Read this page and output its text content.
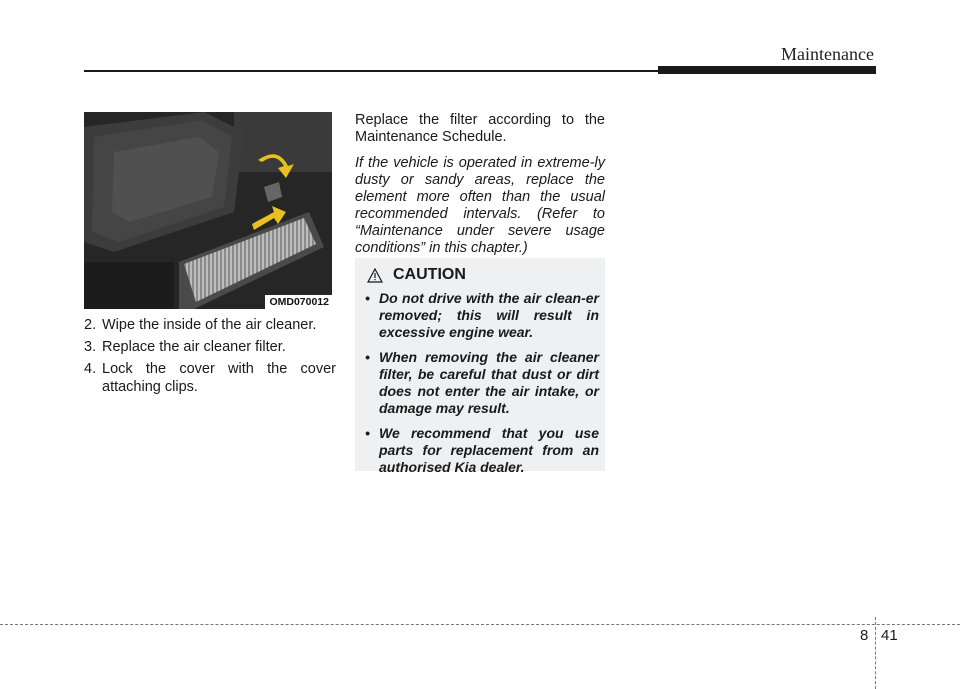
Maintenance
OMD070012
2. Wipe the inside of the air cleaner.
3. Replace the air cleaner filter.
4. Lock the cover with the cover attaching clips.

Replace the filter according to the Maintenance Schedule.

If the vehicle is operated in extreme-ly dusty or sandy areas, replace the element more often than the usual recommended intervals. (Refer to “Maintenance under severe usage conditions” in this chapter.)

CAUTION
• Do not drive with the air clean-er removed; this will result in excessive engine wear.
• When removing the air cleaner filter, be careful that dust or dirt does not enter the air intake, or damage may result.
• We recommend that you use parts for replacement from an authorised Kia dealer.
8 41
